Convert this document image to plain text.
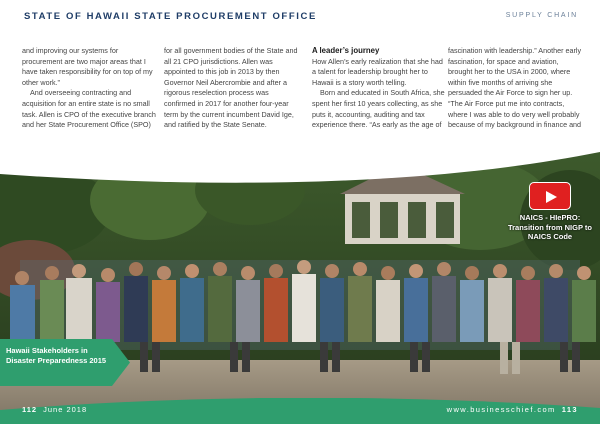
STATE OF HAWAII STATE PROCUREMENT OFFICE	SUPPLY CHAIN

and improving our systems for procurement are two major areas that I have taken responsibility for on top of my other work.”

And overseeing contracting and acquisition for an entire state is no small task. Allen is CPO of the executive branch and her State Procurement Office (SPO)

for all government bodies of the State and all 21 CPO jurisdictions. Allen was appointed to this job in 2013 by then Governor Neil Abercrombie and after a rigorous reselection process was confirmed in 2017 for another four-year term by the current incumbent David Ige, and ratified by the State Senate.

A leader’s journey

How Allen’s early realization that she had a talent for leadership brought her to Hawaii is a story worth telling.

Born and educated in South Africa, she spent her first 10 years collecting, as she puts it, accounting, auditing and tax experience there. “As early as the age of

fascination with leadership.” Another early fascination, for space and aviation, brought her to the USA in 2000, where within five months of arriving she persuaded the Air Force to sign her up. “The Air Force put me into contracts, where I was able to do very well probably because of my background in finance and

NAICS - HIePRO: Transition from NIGP to NAICS Code
Hawaii Stakeholders in Disaster Preparedness 2015
112 June 2018	www.businesschief.com 113
